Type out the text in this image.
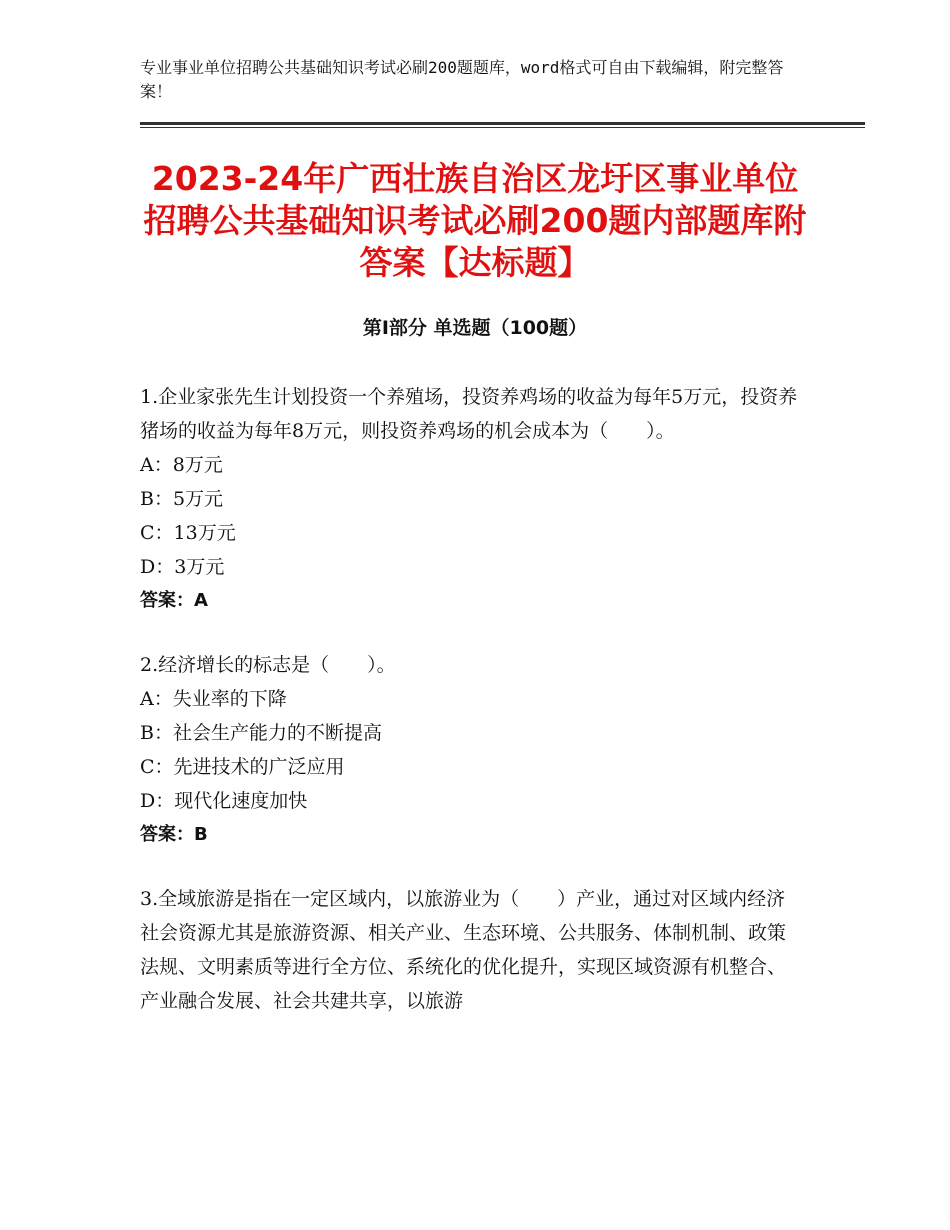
专业事业单位招聘公共基础知识考试必刷200题题库，word格式可自由下载编辑，附完整答案！
2023-24年广西壮族自治区龙圩区事业单位招聘公共基础知识考试必刷200题内部题库附答案【达标题】
第Ⅰ部分 单选题（100题）

1.企业家张先生计划投资一个养殖场，投资养鸡场的收益为每年5万元，投资养猪场的收益为每年8万元，则投资养鸡场的机会成本为（　　）。

A：8万元

B：5万元

C：13万元

D：3万元

答案：A

2.经济增长的标志是（　　）。

A：失业率的下降

B：社会生产能力的不断提高

C：先进技术的广泛应用

D：现代化速度加快

答案：B

3.全域旅游是指在一定区域内，以旅游业为（　　）产业，通过对区域内经济社会资源尤其是旅游资源、相关产业、生态环境、公共服务、体制机制、政策法规、文明素质等进行全方位、系统化的优化提升，实现区域资源有机整合、产业融合发展、社会共建共享，以旅游
